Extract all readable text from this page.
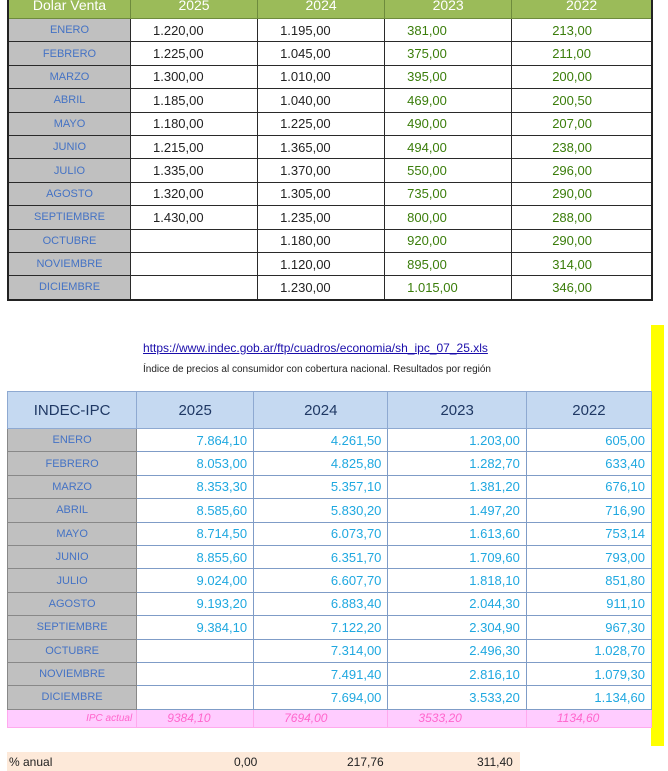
Dolar Venta	2025	2024	2023	2022
ENERO	1.220,00	1.195,00	381,00	213,00
FEBRERO	1.225,00	1.045,00	375,00	211,00
MARZO	1.300,00	1.010,00	395,00	200,00
ABRIL	1.185,00	1.040,00	469,00	200,50
MAYO	1.180,00	1.225,00	490,00	207,00
JUNIO	1.215,00	1.365,00	494,00	238,00
JULIO	1.335,00	1.370,00	550,00	296,00
AGOSTO	1.320,00	1.305,00	735,00	290,00
SEPTIEMBRE	1.430,00	1.235,00	800,00	288,00
OCTUBRE		1.180,00	920,00	290,00
NOVIEMBRE		1.120,00	895,00	314,00
DICIEMBRE		1.230,00	1.015,00	346,00
https://www.indec.gob.ar/ftp/cuadros/economia/sh_ipc_07_25.xls
Índice de precios al consumidor con cobertura nacional. Resultados por región
INDEC-IPC	2025	2024	2023	2022
ENERO	7.864,10	4.261,50	1.203,00	605,00
FEBRERO	8.053,00	4.825,80	1.282,70	633,40
MARZO	8.353,30	5.357,10	1.381,20	676,10
ABRIL	8.585,60	5.830,20	1.497,20	716,90
MAYO	8.714,50	6.073,70	1.613,60	753,14
JUNIO	8.855,60	6.351,70	1.709,60	793,00
JULIO	9.024,00	6.607,70	1.818,10	851,80
AGOSTO	9.193,20	6.883,40	2.044,30	911,10
SEPTIEMBRE	9.384,10	7.122,20	2.304,90	967,30
OCTUBRE		7.314,00	2.496,30	1.028,70
NOVIEMBRE		7.491,40	2.816,10	1.079,30
DICIEMBRE		7.694,00	3.533,20	1.134,60
IPC actual	9384,10	7694,00	3533,20	1134,60
% anual	0,00	217,76	311,40
